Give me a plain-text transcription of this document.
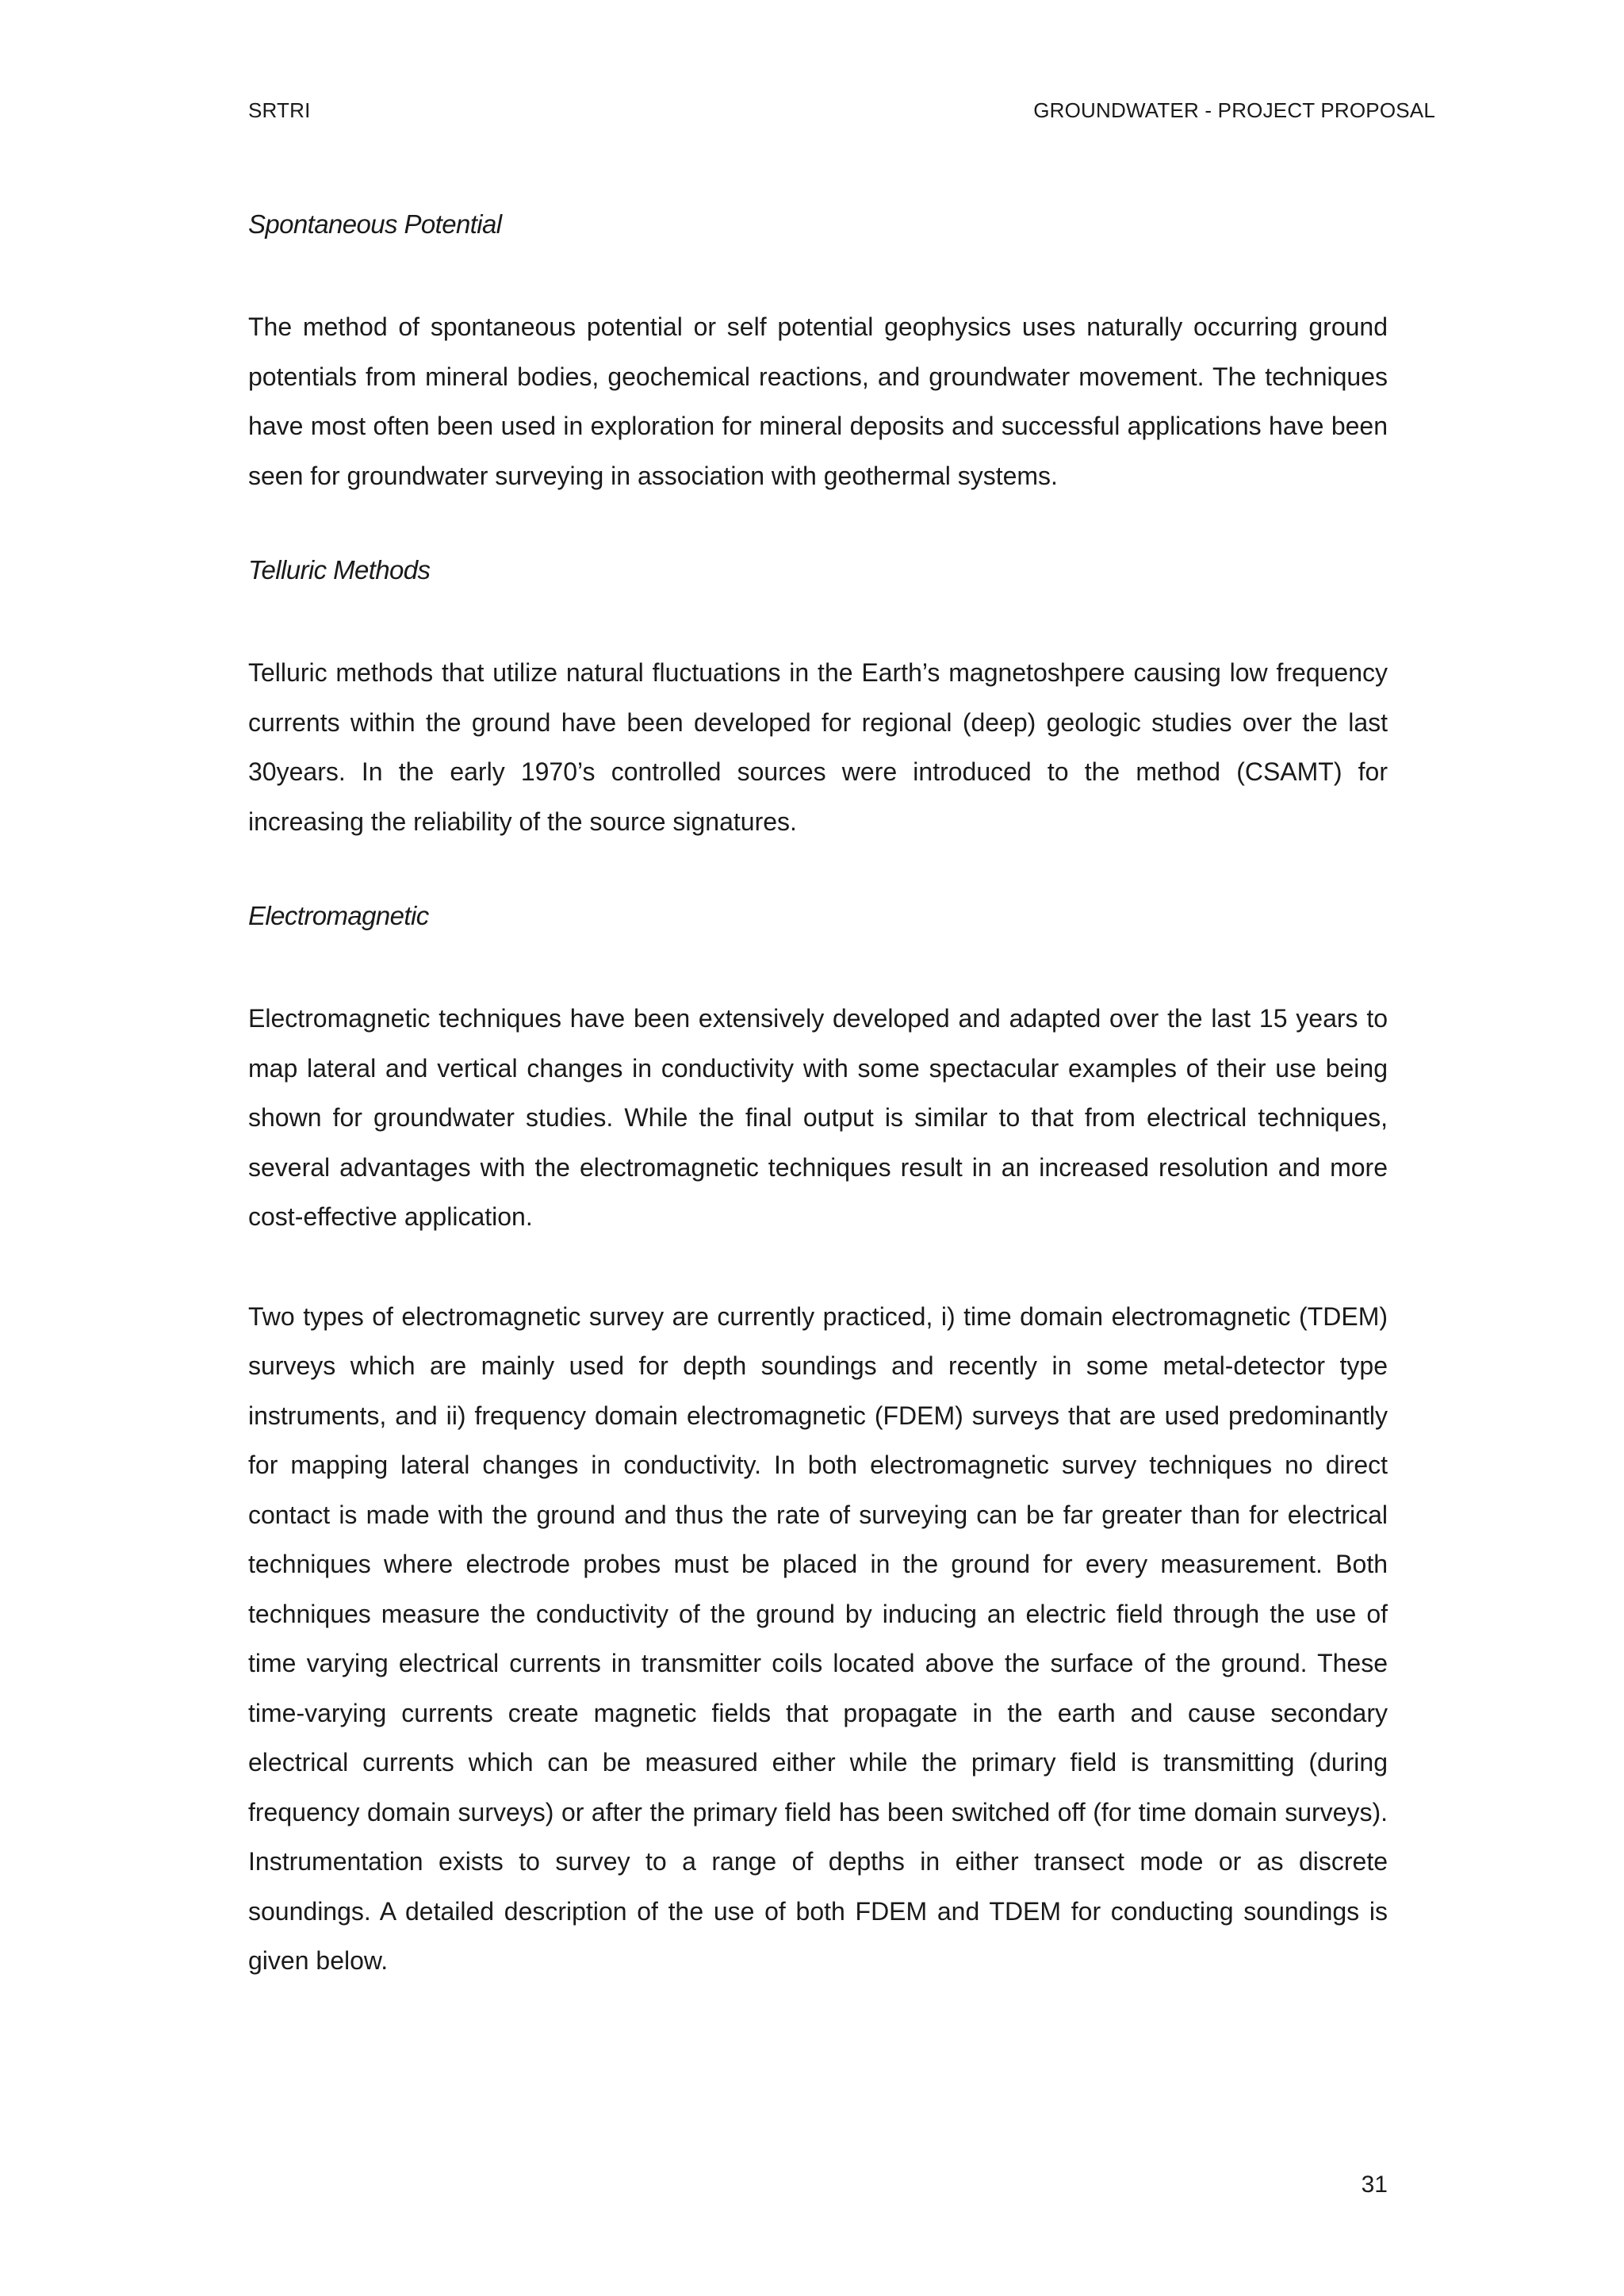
SRTRI	GROUNDWATER - PROJECT PROPOSAL
Spontaneous Potential

The method of spontaneous potential or self potential geophysics uses naturally occurring ground potentials from mineral bodies, geochemical reactions, and groundwater movement. The techniques have most often been used in exploration for mineral deposits and successful applications have been seen for groundwater surveying in association with geothermal systems.

Telluric Methods

Telluric methods that utilize natural fluctuations in the Earth’s magnetoshpere causing low frequency currents within the ground have been developed for regional (deep) geologic studies over the last 30years. In the early 1970’s controlled sources were introduced to the method (CSAMT) for increasing the reliability of the source signatures.

Electromagnetic

Electromagnetic techniques have been extensively developed and adapted over the last 15 years to map lateral and vertical changes in conductivity with some spectacular examples of their use being shown for groundwater studies. While the final output is similar to that from electrical techniques, several advantages with the electromagnetic techniques result in an increased resolution and more cost-effective application.

Two types of electromagnetic survey are currently practiced, i) time domain electromagnetic (TDEM) surveys which are mainly used for depth soundings and recently in some metal-detector type instruments, and ii) frequency domain electromagnetic (FDEM) surveys that are used predominantly for mapping lateral changes in conductivity. In both electromagnetic survey techniques no direct contact is made with the ground and thus the rate of surveying can be far greater than for electrical techniques where electrode probes must be placed in the ground for every measurement. Both techniques measure the conductivity of the ground by inducing an electric field through the use of time varying electrical currents in transmitter coils located above the surface of the ground. These time-varying currents create magnetic fields that propagate in the earth and cause secondary electrical currents which can be measured either while the primary field is transmitting (during frequency domain surveys) or after the primary field has been switched off (for time domain surveys). Instrumentation exists to survey to a range of depths in either transect mode or as discrete soundings. A detailed description of the use of both FDEM and TDEM for conducting soundings is given below.

31
